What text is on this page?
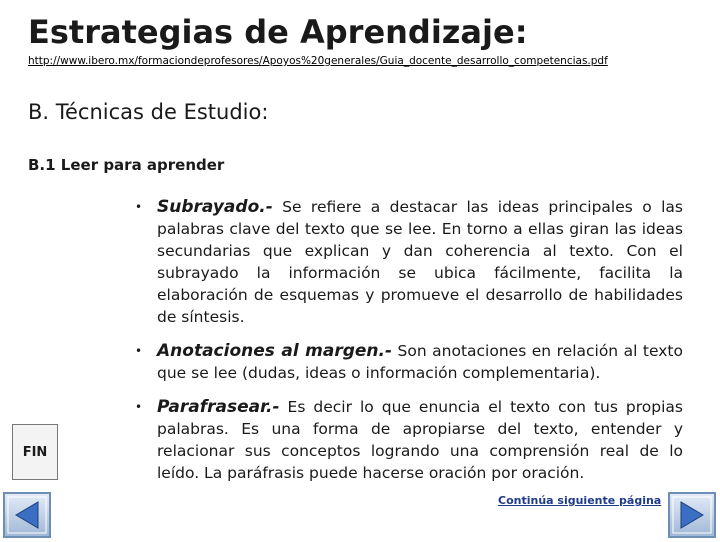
Estrategias de Aprendizaje:
http://www.ibero.mx/formaciondeprofesores/Apoyos%20generales/Guia_docente_desarrollo_competencias.pdf
B. Técnicas de Estudio:
B.1 Leer para aprender
• Subrayado.- Se refiere a destacar las ideas principales o las palabras clave del texto que se lee. En torno a ellas giran las ideas secundarias que explican y dan coherencia al texto. Con el subrayado la información se ubica fácilmente, facilita la elaboración de esquemas y promueve el desarrollo de habilidades de síntesis.
• Anotaciones al margen.- Son anotaciones en relación al texto que se lee (dudas, ideas o información complementaria).
• Parafrasear.- Es decir lo que enuncia el texto con tus propias palabras. Es una forma de apropiarse del texto, entender y relacionar sus conceptos logrando una comprensión real de lo leído. La paráfrasis puede hacerse oración por oración.
FIN
Continúa siguiente página
